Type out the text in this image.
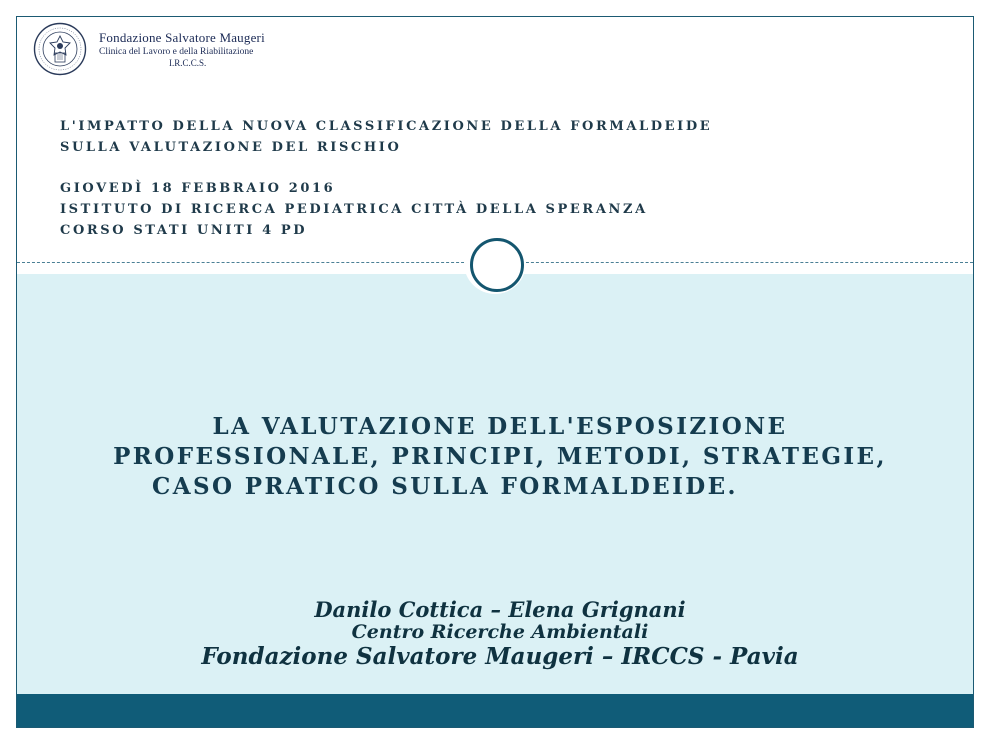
Fondazione Salvatore Maugeri
Clinica del Lavoro e della Riabilitazione
I.R.C.C.S.
L'IMPATTO DELLA NUOVA CLASSIFICAZIONE DELLA FORMALDEIDE
SULLA VALUTAZIONE DEL RISCHIO
GIOVEDÌ 18 FEBBRAIO 2016
ISTITUTO DI RICERCA PEDIATRICA CITTÀ DELLA SPERANZA
CORSO STATI UNITI 4 PD
LA VALUTAZIONE DELL'ESPOSIZIONE
PROFESSIONALE, PRINCIPI, METODI, STRATEGIE,
CASO PRATICO SULLA FORMALDEIDE.
Danilo Cottica – Elena Grignani
Centro Ricerche Ambientali
Fondazione Salvatore Maugeri – IRCCS - Pavia
